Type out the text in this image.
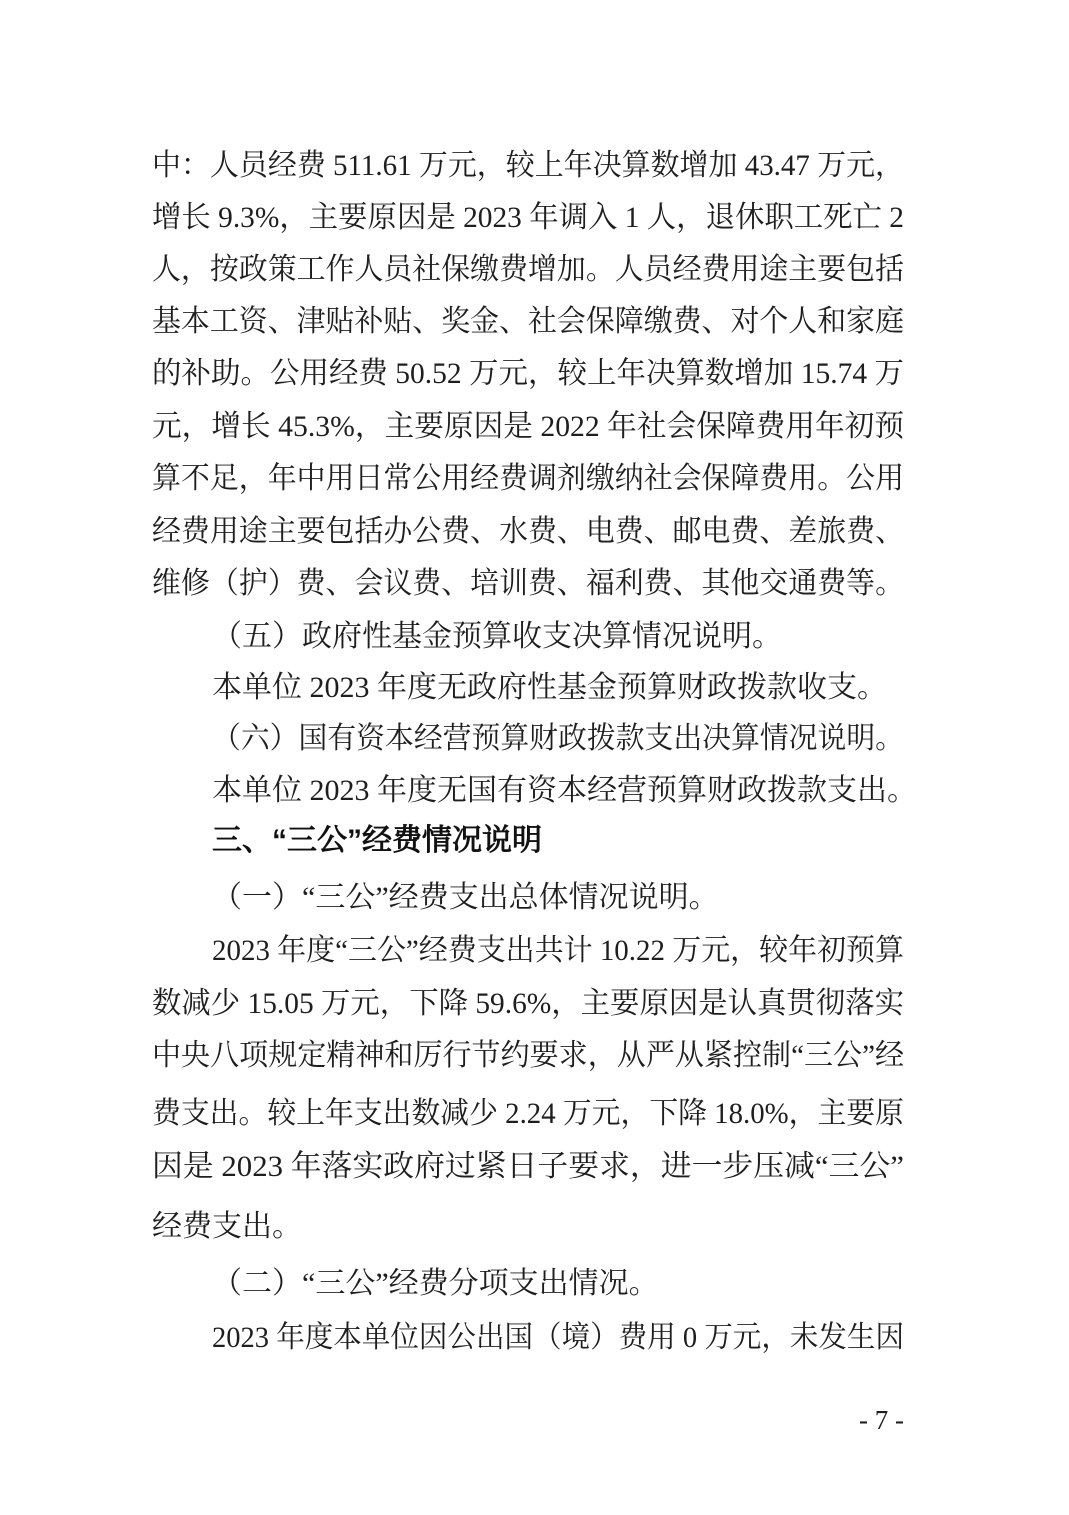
中：人员经费 511.61 万元，较上年决算数增加 43.47 万元，
增长 9.3%，主要原因是 2023 年调入 1 人，退休职工死亡 2
人，按政策工作人员社保缴费增加。人员经费用途主要包括
基本工资、津贴补贴、奖金、社会保障缴费、对个人和家庭
的补助。公用经费 50.52 万元，较上年决算数增加 15.74 万
元，增长 45.3%，主要原因是 2022 年社会保障费用年初预
算不足，年中用日常公用经费调剂缴纳社会保障费用。公用
经费用途主要包括办公费、水费、电费、邮电费、差旅费、
维修（护）费、会议费、培训费、福利费、其他交通费等。
（五）政府性基金预算收支决算情况说明。
本单位 2023 年度无政府性基金预算财政拨款收支。
（六）国有资本经营预算财政拨款支出决算情况说明。
本单位 2023 年度无国有资本经营预算财政拨款支出。
三、“三公”经费情况说明
（一）“三公”经费支出总体情况说明。
2023 年度“三公”经费支出共计 10.22 万元，较年初预算
数减少 15.05 万元，下降 59.6%，主要原因是认真贯彻落实
中央八项规定精神和厉行节约要求，从严从紧控制“三公”经
费支出。较上年支出数减少 2.24 万元，下降 18.0%，主要原
因是 2023 年落实政府过紧日子要求，进一步压减“三公”
经费支出。
（二）“三公”经费分项支出情况。
2023 年度本单位因公出国（境）费用 0 万元，未发生因
- 7 -
